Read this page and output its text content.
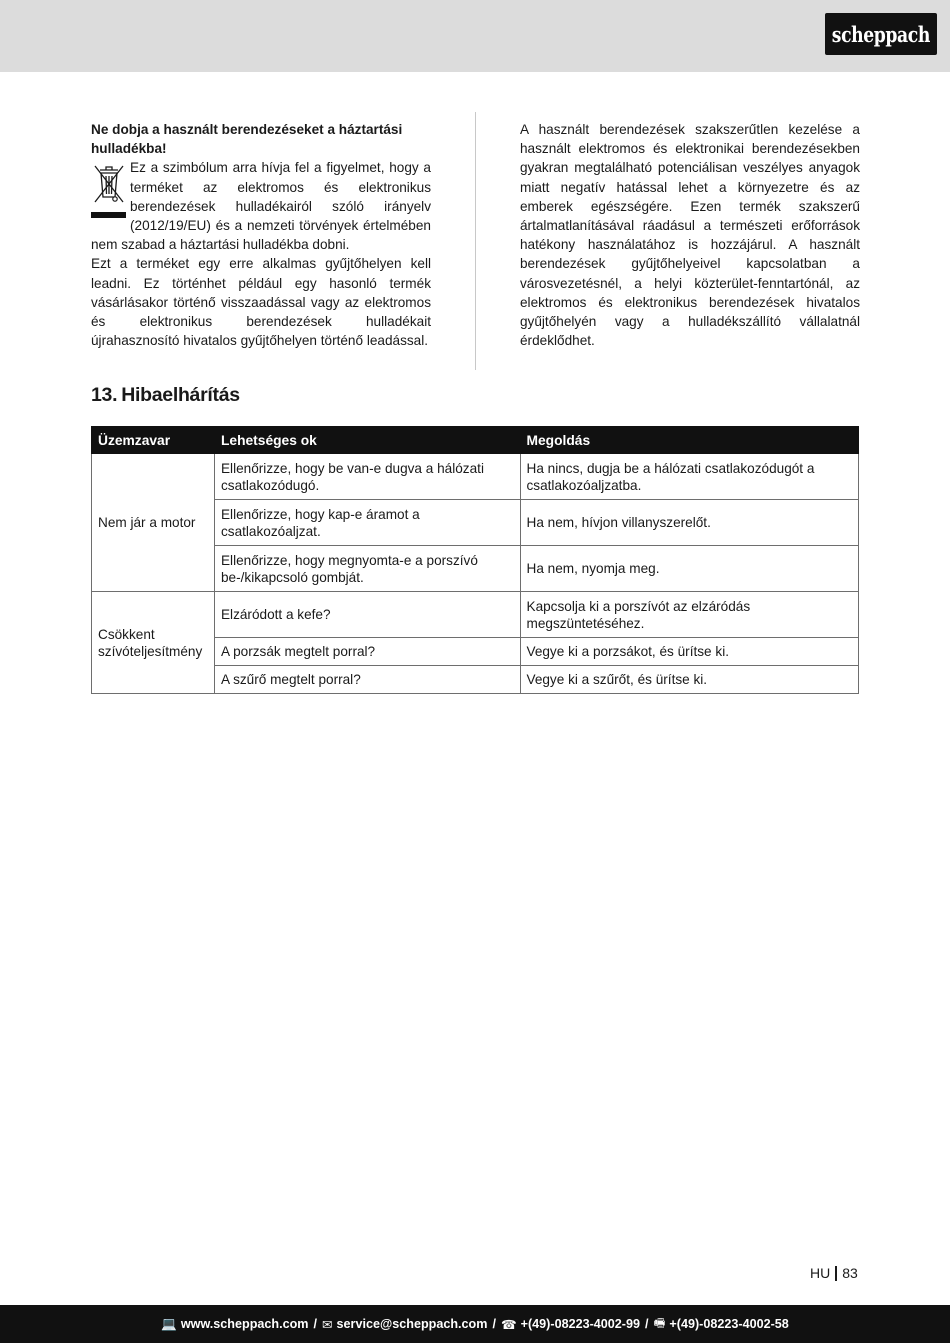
scheppach
Ne dobja a használt berendezéseket a háztartási hulladékba!

Ez a szimbólum arra hívja fel a figyelmet, hogy a terméket az elektromos és elektronikus berendezések hulladékairól szóló irányelv (2012/19/EU) és a nemzeti törvények értelmében nem szabad a háztartási hulladékba dobni.

Ezt a terméket egy erre alkalmas gyűjtőhelyen kell leadni. Ez történhet például egy hasonló termék vásárlásakor történő visszaadással vagy az elektromos és elektronikus berendezések hulladékait újrahasznosító hivatalos gyűjtőhelyen történő leadással.

A használt berendezések szakszerűtlen kezelése a használt elektromos és elektronikai berendezésekben gyakran megtalálható potenciálisan veszélyes anyagok miatt negatív hatással lehet a környezetre és az emberek egészségére. Ezen termék szakszerű ártalmatlanításával ráadásul a természeti erőforrások hatékony használatához is hozzájárul. A használt berendezések gyűjtőhelyeivel kapcsolatban a városvezetésnél, a helyi közterület-fenntartónál, az elektromos és elektronikus berendezések hivatalos gyűjtőhelyén vagy a hulladékszállító vállalatnál érdeklődhet.

13. Hibaelhárítás
Üzemzavar	Lehetséges ok	Megoldás
Nem jár a motor	Ellenőrizze, hogy be van-e dugva a hálózati csatlakozódugó.	Ha nincs, dugja be a hálózati csatlakozódugót a csatlakozóaljzatba.
	Ellenőrizze, hogy kap-e áramot a csatlakozóaljzat.	Ha nem, hívjon villanyszerelőt.
	Ellenőrizze, hogy megnyomta-e a porszívó be-/kikapcsoló gombját.	Ha nem, nyomja meg.
Csökkent szívóteljesítmény	Elzáródott a kefe?	Kapcsolja ki a porszívót az elzáródás megszüntetéséhez.
	A porzsák megtelt porral?	Vegye ki a porzsákot, és ürítse ki.
	A szűrő megtelt porral?	Vegye ki a szűrőt, és ürítse ki.
HU 83
💻 www.scheppach.com / ✉ service@scheppach.com / ☎ +(49)-08223-4002-99 / 🖷 +(49)-08223-4002-58
